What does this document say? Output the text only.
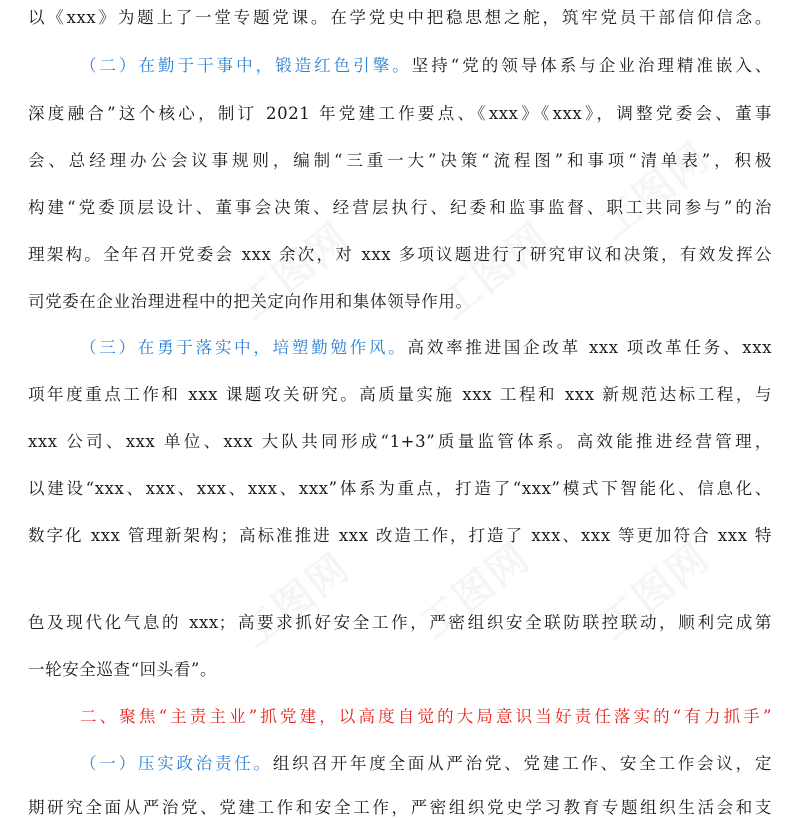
工图网 工图网
工图网
工图网 工图网 工图网
以《xxx》为题上了一堂专题党课。在学党史中把稳思想之舵，筑牢党员干部信仰信念。
（二）在勤于干事中，锻造红色引擎。坚持“党的领导体系与企业治理精准嵌入、
深度融合”这个核心，制订 2021 年党建工作要点、《xxx》《xxx》，调整党委会、董事
会、总经理办公会议事规则，编制“三重一大”决策“流程图”和事项“清单表”，积极
构建“党委顶层设计、董事会决策、经营层执行、纪委和监事监督、职工共同参与”的治
理架构。全年召开党委会 xxx 余次，对 xxx 多项议题进行了研究审议和决策，有效发挥公
司党委在企业治理进程中的把关定向作用和集体领导作用。
（三）在勇于落实中，培塑勤勉作风。高效率推进国企改革 xxx 项改革任务、xxx
项年度重点工作和 xxx 课题攻关研究。高质量实施 xxx 工程和 xxx 新规范达标工程，与
xxx 公司、xxx 单位、xxx 大队共同形成“1+3”质量监管体系。高效能推进经营管理，
以建设“xxx、xxx、xxx、xxx、xxx”体系为重点，打造了“xxx”模式下智能化、信息化、
数字化 xxx 管理新架构；高标准推进 xxx 改造工作，打造了 xxx、xxx 等更加符合 xxx 特
色及现代化气息的 xxx；高要求抓好安全工作，严密组织安全联防联控联动，顺利完成第
一轮安全巡查“回头看”。
二、聚焦“主责主业”抓党建，以高度自觉的大局意识当好责任落实的“有力抓手”
（一）压实政治责任。组织召开年度全面从严治党、党建工作、安全工作会议，定
期研究全面从严治党、党建工作和安全工作，严密组织党史学习教育专题组织生活会和支
